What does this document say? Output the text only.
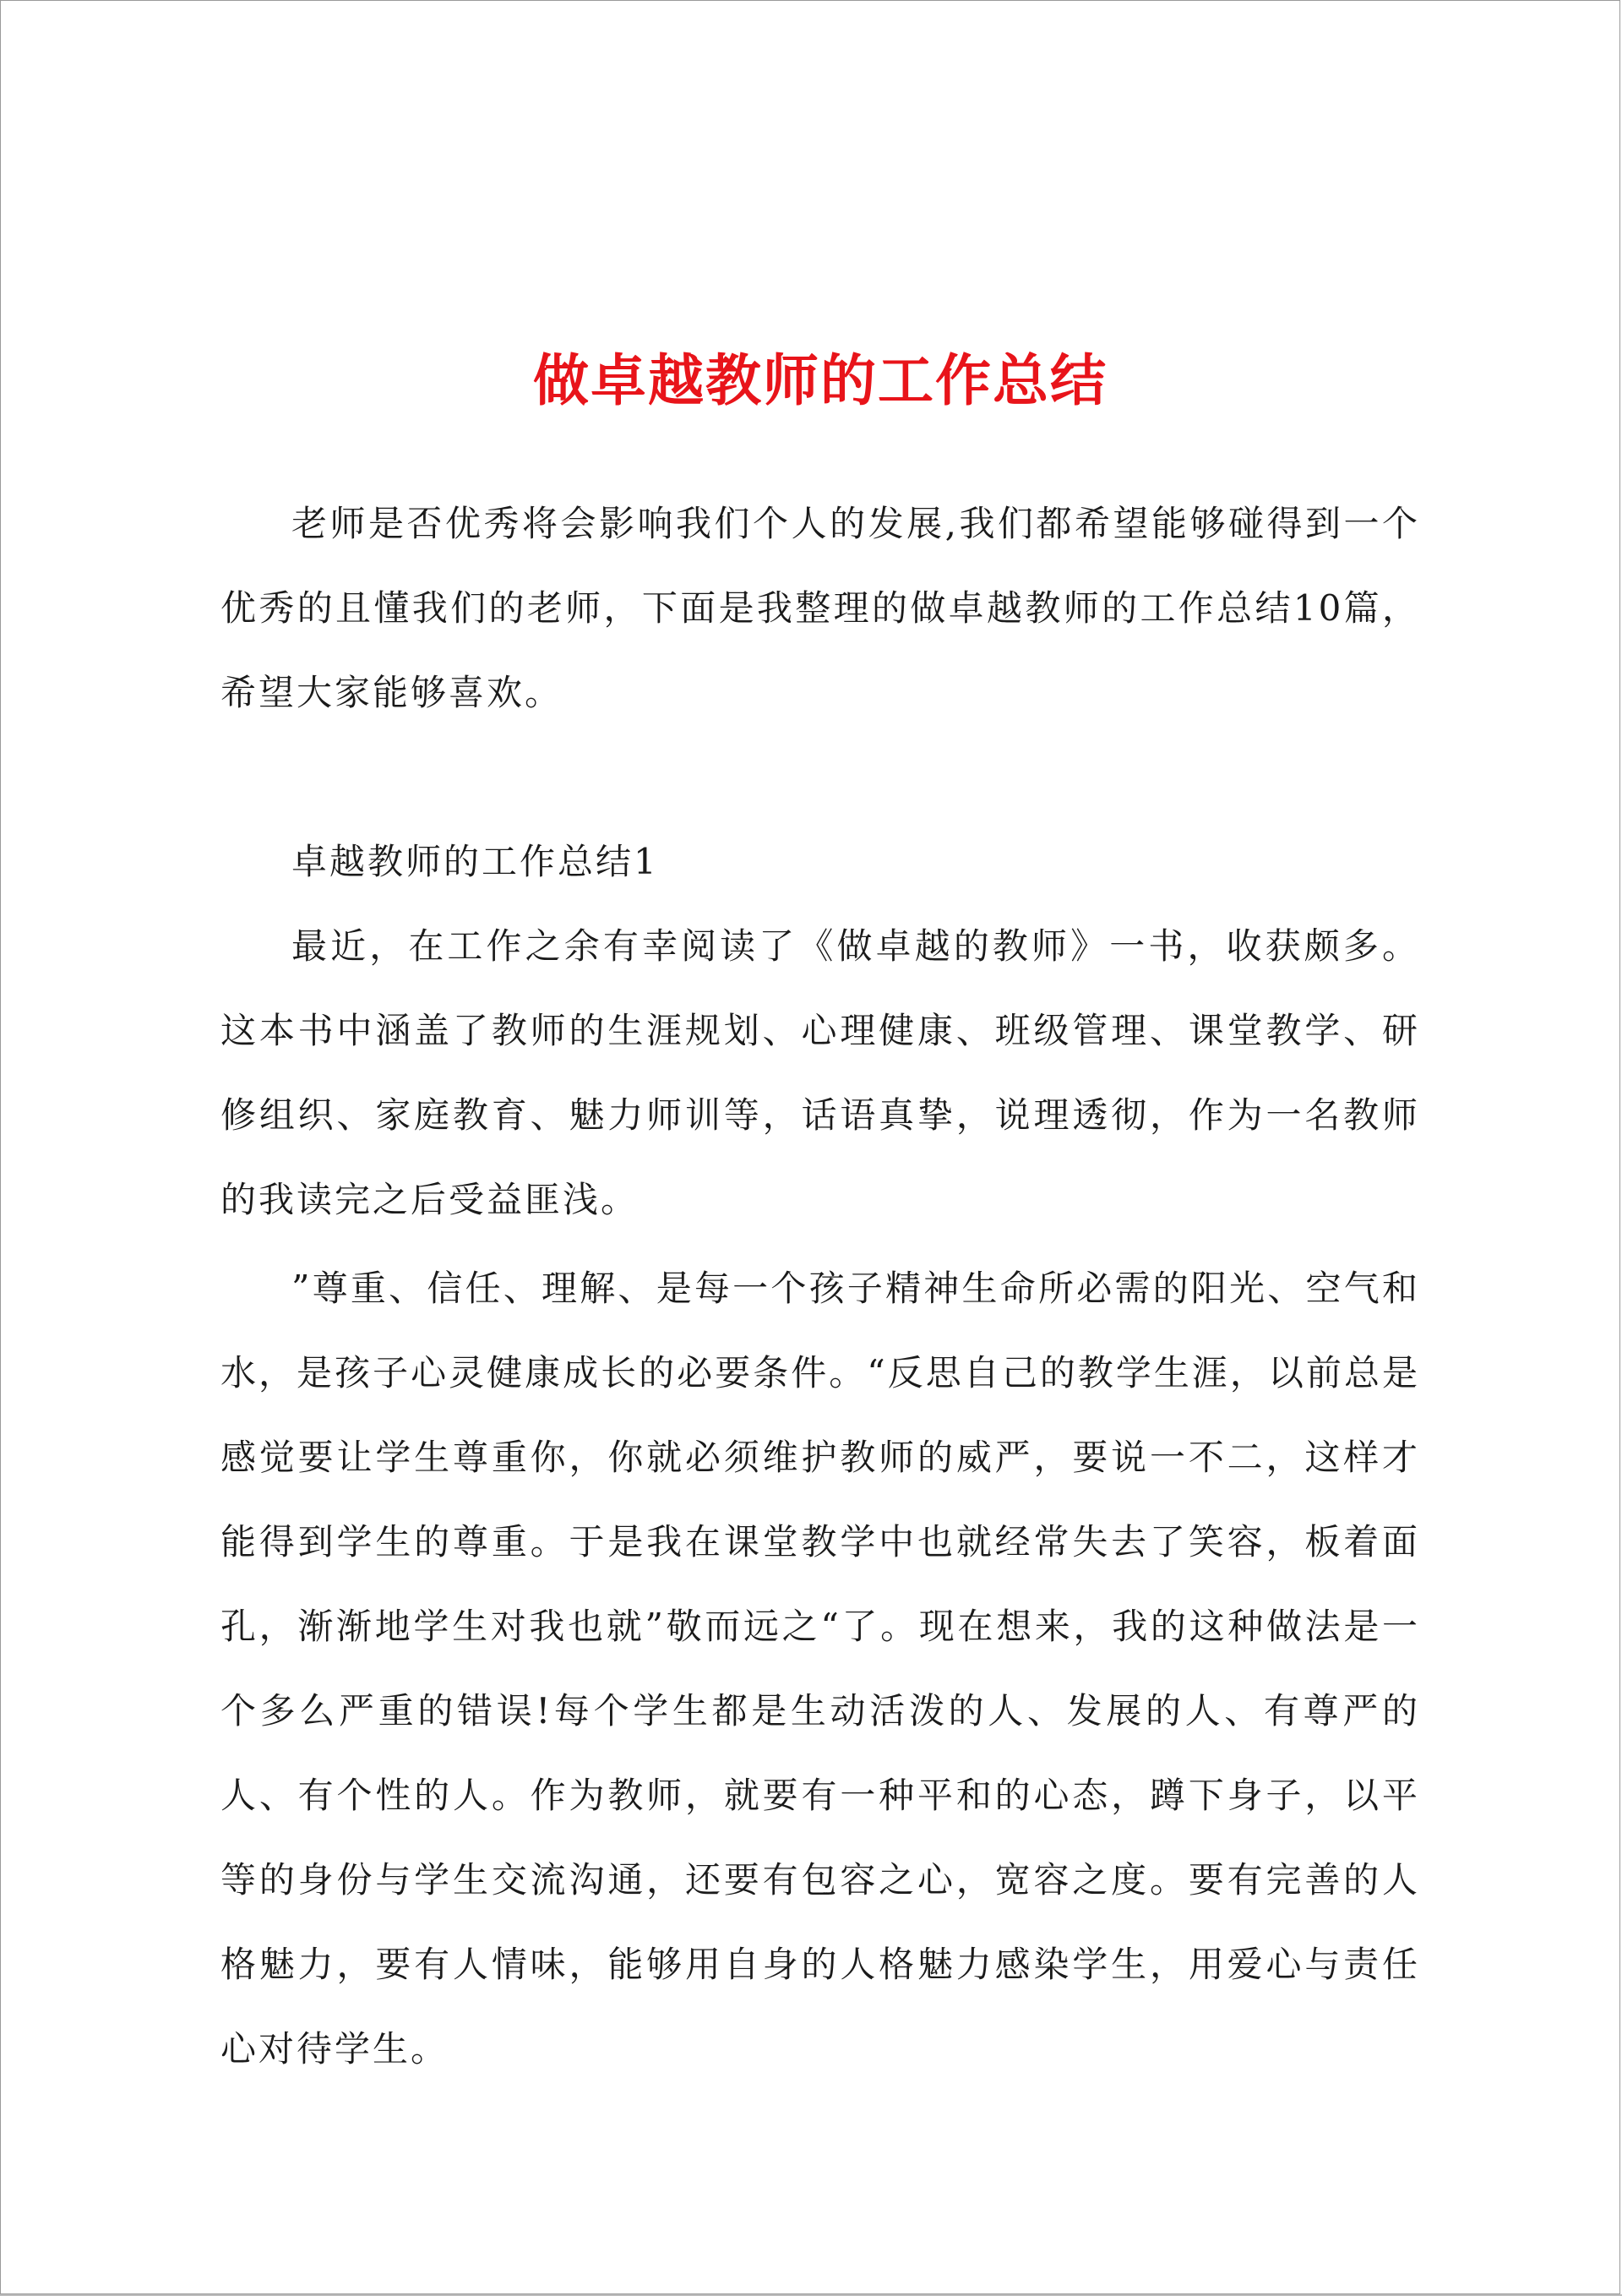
做卓越教师的工作总结

老师是否优秀将会影响我们个人的发展,我们都希望能够碰得到一个优秀的且懂我们的老师，下面是我整理的做卓越教师的工作总结10篇，希望大家能够喜欢。

卓越教师的工作总结1

最近，在工作之余有幸阅读了《做卓越的教师》一书，收获颇多。这本书中涵盖了教师的生涯规划、心理健康、班级管理、课堂教学、研修组织、家庭教育、魅力师训等，话语真挚，说理透彻，作为一名教师的我读完之后受益匪浅。

”尊重、信任、理解、是每一个孩子精神生命所必需的阳光、空气和水，是孩子心灵健康成长的必要条件。“反思自己的教学生涯，以前总是感觉要让学生尊重你，你就必须维护教师的威严，要说一不二，这样才能得到学生的尊重。于是我在课堂教学中也就经常失去了笑容，板着面孔，渐渐地学生对我也就”敬而远之“了。现在想来，我的这种做法是一个多么严重的错误!每个学生都是生动活泼的人、发展的人、有尊严的人、有个性的人。作为教师，就要有一种平和的心态，蹲下身子，以平等的身份与学生交流沟通，还要有包容之心，宽容之度。要有完善的人格魅力，要有人情味，能够用自身的人格魅力感染学生，用爱心与责任心对待学生。
